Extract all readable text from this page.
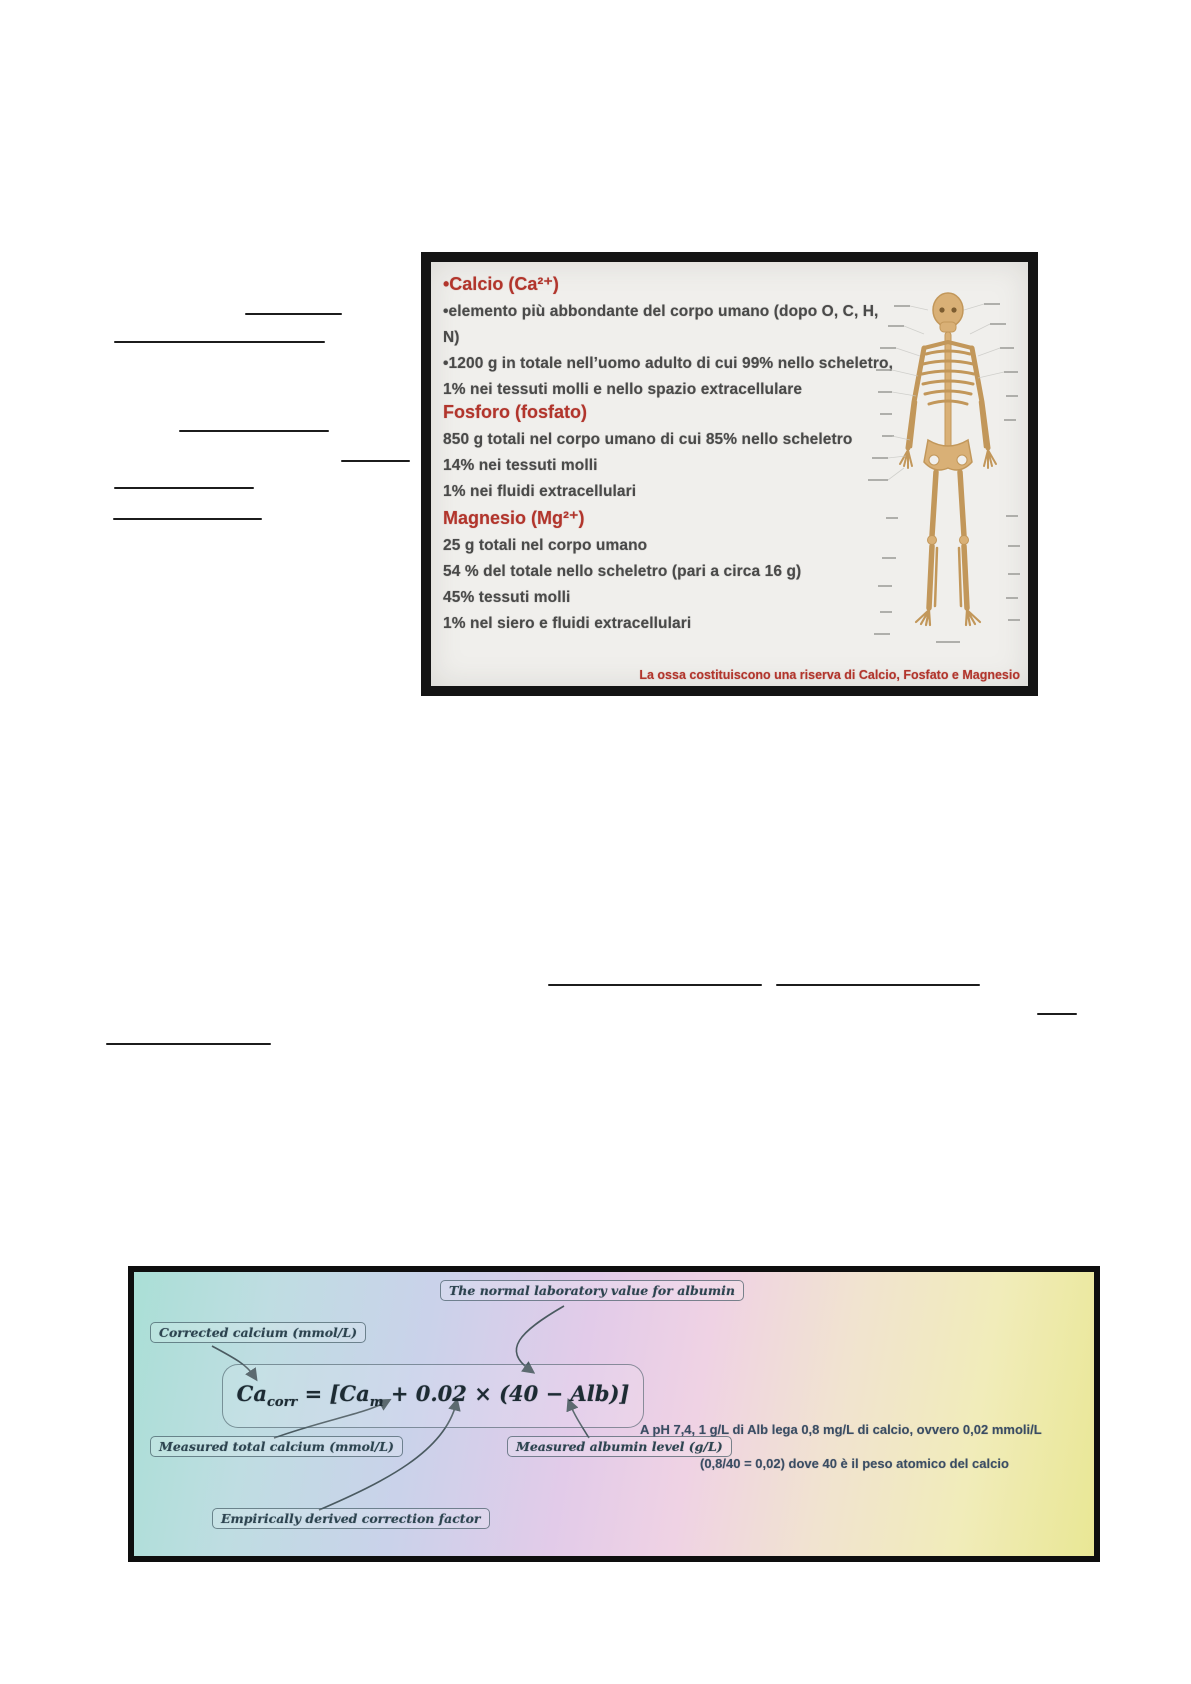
•Calcio (Ca²⁺)

•elemento più abbondante del corpo umano (dopo O, C, H, N)

•1200 g in totale nell’uomo adulto di cui 99% nello scheletro,

1% nei tessuti molli e nello spazio extracellulare

Fosforo (fosfato)

850 g totali nel corpo umano di cui 85% nello scheletro

14% nei tessuti molli

1% nei fluidi extracellulari

Magnesio (Mg²⁺)

25 g totali nel corpo umano

54 % del totale nello scheletro (pari a circa 16 g)

45% tessuti molli

1% nel siero e fluidi extracellulari

La ossa costituiscono una riserva di Calcio, Fosfato e Magnesio
The normal laboratory value for albumin
Corrected calcium (mmol/L)
$Ca_{corr} = [Ca_m + 0.02 \times (40 - Alb)]$
Measured total calcium (mmol/L)	Measured albumin level (g/L)
Empirically derived correction factor
A pH 7,4, 1 g/L di Alb lega 0,8 mg/L di calcio, ovvero 0,02 mmoli/L
(0,8/40 = 0,02) dove 40 è il peso atomico del calcio
